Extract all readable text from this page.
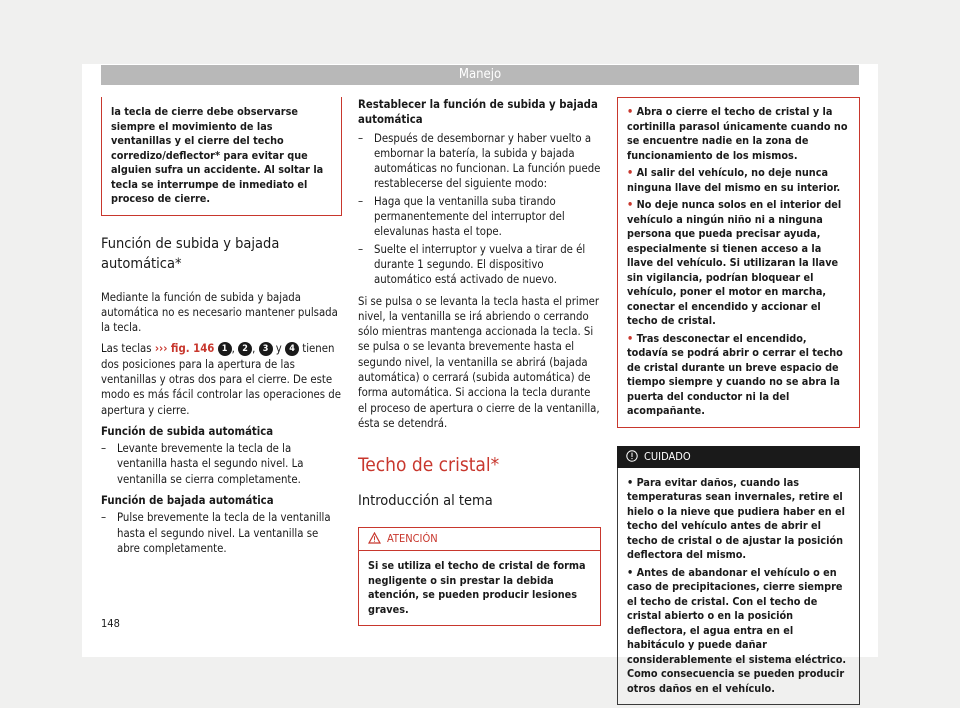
Manejo
la tecla de cierre debe observarse siempre el movimiento de las ventanillas y el cierre del techo corredizo/deflector* para evitar que alguien sufra un accidente. Al soltar la tecla se interrumpe de inmediato el proceso de cierre.
Función de subida y bajada automática*

Mediante la función de subida y bajada automática no es necesario mantener pulsada la tecla.

Las teclas ››› fig. 146 1 , 2 , 3 y 4 tienen dos posiciones para la apertura de las ventanillas y otras dos para el cierre. De este modo es más fácil controlar las operaciones de apertura y cierre.

Función de subida automática
– Levante brevemente la tecla de la ventanilla hasta el segundo nivel. La ventanilla se cierra completamente.
Función de bajada automática
– Pulse brevemente la tecla de la ventanilla hasta el segundo nivel. La ventanilla se abre completamente.
Restablecer la función de subida y bajada automática
– Después de desembornar y haber vuelto a embornar la batería, la subida y bajada automáticas no funcionan. La función puede restablecerse del siguiente modo:
– Haga que la ventanilla suba tirando permanentemente del interruptor del elevalunas hasta el tope.
– Suelte el interruptor y vuelva a tirar de él durante 1 segundo. El dispositivo automático está activado de nuevo.

Si se pulsa o se levanta la tecla hasta el primer nivel, la ventanilla se irá abriendo o cerrando sólo mientras mantenga accionada la tecla. Si se pulsa o se levanta brevemente hasta el segundo nivel, la ventanilla se abrirá (bajada automática) o cerrará (subida automática) de forma automática. Si acciona la tecla durante el proceso de apertura o cierre de la ventanilla, ésta se detendrá.

Techo de cristal*
Introducción al tema
ATENCIÓN
Si se utiliza el techo de cristal de forma negligente o sin prestar la debida atención, se pueden producir lesiones graves.
• Abra o cierre el techo de cristal y la cortinilla parasol únicamente cuando no se encuentre nadie en la zona de funcionamiento de los mismos.
• Al salir del vehículo, no deje nunca ninguna llave del mismo en su interior.
• No deje nunca solos en el interior del vehículo a ningún niño ni a ninguna persona que pueda precisar ayuda, especialmente si tienen acceso a la llave del vehículo. Si utilizaran la llave sin vigilancia, podrían bloquear el vehículo, poner el motor en marcha, conectar el encendido y accionar el techo de cristal.
• Tras desconectar el encendido, todavía se podrá abrir o cerrar el techo de cristal durante un breve espacio de tiempo siempre y cuando no se abra la puerta del conductor ni la del acompañante.
CUIDADO
• Para evitar daños, cuando las temperaturas sean invernales, retire el hielo o la nieve que pudiera haber en el techo del vehículo antes de abrir el techo de cristal o de ajustar la posición deflectora del mismo.
• Antes de abandonar el vehículo o en caso de precipitaciones, cierre siempre el techo de cristal. Con el techo de cristal abierto o en la posición deflectora, el agua entra en el habitáculo y puede dañar considerablemente el sistema eléctrico. Como consecuencia se pueden producir otros daños en el vehículo.
148
